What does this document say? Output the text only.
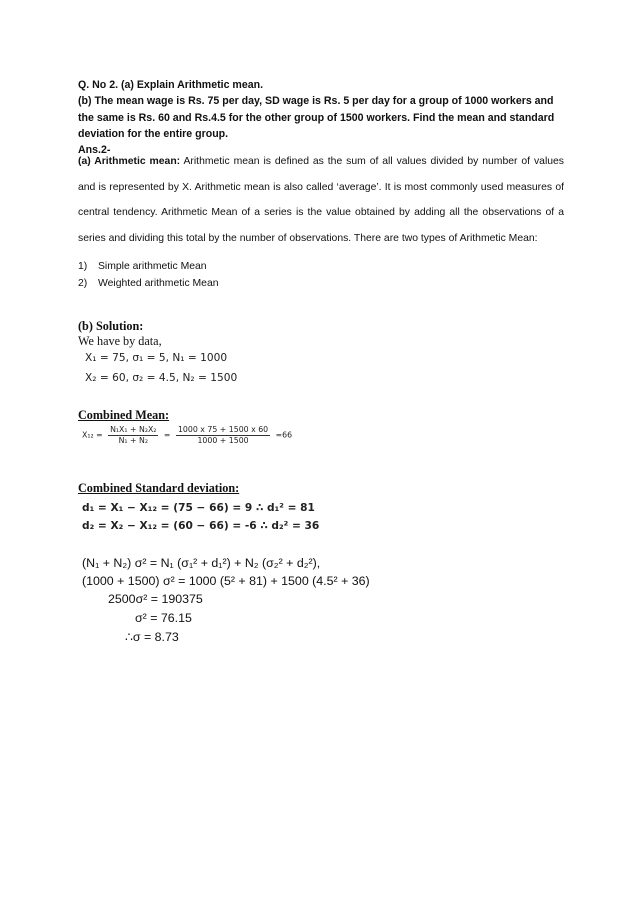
Q. No 2. (a) Explain Arithmetic mean.
(b) The mean wage is Rs. 75 per day, SD wage is Rs. 5 per day for a group of 1000 workers and the same is Rs. 60 and Rs.4.5 for the other group of 1500 workers. Find the mean and standard deviation for the entire group.
Ans.2-
(a) Arithmetic mean: Arithmetic mean is defined as the sum of all values divided by number of values and is represented by X. Arithmetic mean is also called ‘average’. It is most commonly used measures of central tendency. Arithmetic Mean of a series is the value obtained by adding all the observations of a series and dividing this total by the number of observations. There are two types of Arithmetic Mean:
1) Simple arithmetic Mean
2) Weighted arithmetic Mean
(b) Solution:
We have by data,
X₁ = 75, σ₁ = 5, N₁ = 1000
X₂ = 60, σ₂ = 4.5, N₂ = 1500
Combined Mean:
$X_{12} = \frac{\text{N₁X₁ + N₂X₂}}{\text{N₁ + N₂}} = \frac{1000 x 75 + 1500 x 60}{1000 + 1500} =66$
Combined Standard deviation:
d₁ = X₁ − X₁₂ = (75 − 66) = 9 ∴ d₁² = 81
d₂ = X₂ − X₁₂ = (60 − 66) = -6 ∴ d₂² = 36
(N₁ + N₂) σ² = N₁ (σ₁² + d₁²) + N₂ (σ₂² + d₂²),
(1000 + 1500) σ² = 1000 (5² + 81) + 1500 (4.5² + 36)
2500σ² = 190375
σ² = 76.15
∴σ = 8.73
